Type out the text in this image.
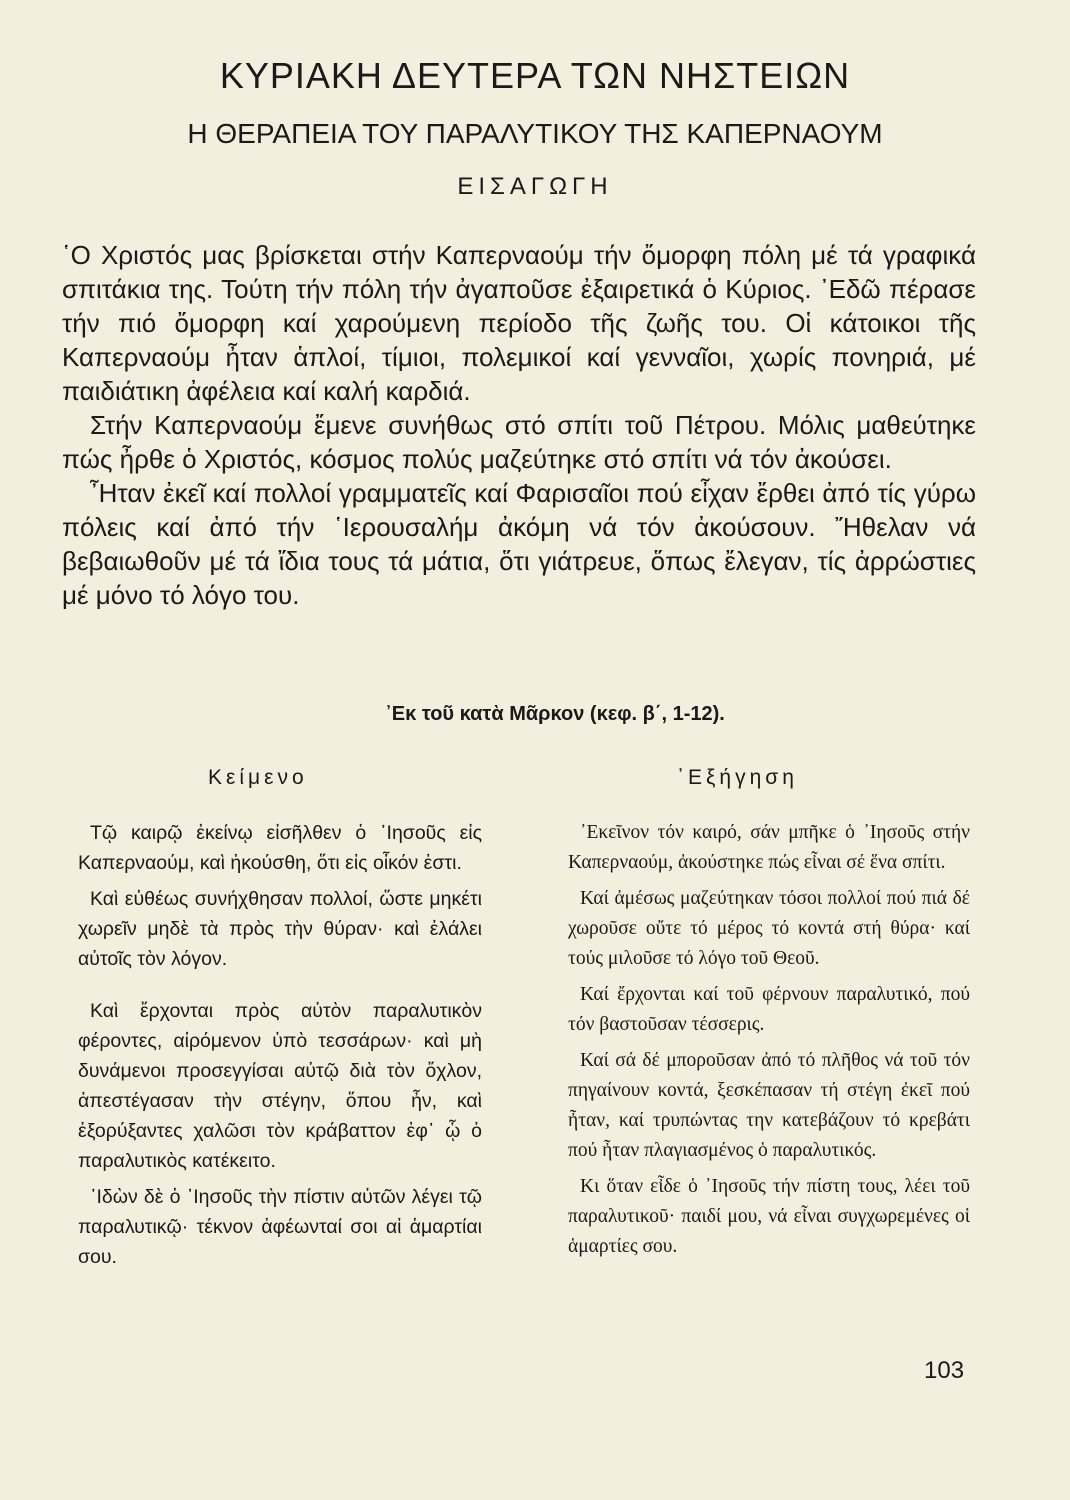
ΚΥΡΙΑΚΗ ΔΕΥΤΕΡΑ ΤΩΝ ΝΗΣΤΕΙΩΝ
Η ΘΕΡΑΠΕΙΑ ΤΟΥ ΠΑΡΑΛΥΤΙΚΟΥ ΤΗΣ ΚΑΠΕΡΝΑΟΥΜ
ΕΙΣΑΓΩΓΗ

῾Ο Χριστός μας βρίσκεται στήν Καπερναούμ τήν ὄμορφη πόλη μέ τά γραφικά σπιτάκια της. Τούτη τήν πόλη τήν ἀγαποῦσε ἐξαιρετικά ὁ Κύριος. ᾿Εδῶ πέρασε τήν πιό ὄμορφη καί χαρούμενη περίοδο τῆς ζωῆς του. Οἱ κάτοικοι τῆς Καπερναούμ ἦταν ἁπλοί, τίμιοι, πολεμικοί καί γενναῖοι, χωρίς πονηριά, μέ παιδιάτικη ἀφέλεια καί καλή καρδιά.

Στήν Καπερναούμ ἔμενε συνήθως στό σπίτι τοῦ Πέτρου. Μόλις μαθεύτηκε πώς ἦρθε ὁ Χριστός, κόσμος πολύς μαζεύτηκε στό σπίτι νά τόν ἀκούσει.

῏Ηταν ἐκεῖ καί πολλοί γραμματεῖς καί Φαρισαῖοι πού εἶχαν ἔρθει ἀπό τίς γύρω πόλεις καί ἀπό τήν ῾Ιερουσαλήμ ἀκόμη νά τόν ἀκούσουν. Ἤθελαν νά βεβαιωθοῦν μέ τά ἴδια τους τά μάτια, ὅτι γιάτρευε, ὅπως ἔλεγαν, τίς ἀρρώστιες μέ μόνο τό λόγο του.

᾿Εκ τοῦ κατὰ Μᾶρκον (κεφ. β΄, 1-12).
Κείμενο	᾿Εξήγηση

Τῷ καιρῷ ἐκείνῳ εἰσῆλθεν ὁ ᾿Ιησοῦς εἰς Καπερναούμ, καὶ ἠκούσθη, ὅτι εἰς οἶκόν ἐστι.

Καὶ εὐθέως συνήχθησαν πολλοί, ὥστε μηκέτι χωρεῖν μηδὲ τὰ πρὸς τὴν θύραν· καὶ ἐλάλει αὐτοῖς τὸν λόγον.

Καὶ ἔρχονται πρὸς αὐτὸν παραλυτικὸν φέροντες, αἰρόμενον ὑπὸ τεσσάρων· καὶ μὴ δυνάμενοι προσεγγίσαι αὐτῷ διὰ τὸν ὄχλον, ἀπεστέγασαν τὴν στέγην, ὅπου ἦν, καὶ ἐξορύξαντες χαλῶσι τὸν κράβαττον ἐφ᾿ ᾧ ὁ παραλυτικὸς κατέκειτο.

᾿Ιδὼν δὲ ὁ ᾿Ιησοῦς τὴν πίστιν αὐτῶν λέγει τῷ παραλυτικῷ· τέκνον ἀφέωνταί σοι αἱ ἁμαρτίαι σου.

᾿Εκεῖνον τόν καιρό, σάν μπῆκε ὁ ᾿Ιησοῦς στήν Καπερναούμ, ἀκούστηκε πώς εἶναι σέ ἕνα σπίτι.

Καί ἀμέσως μαζεύτηκαν τόσοι πολλοί πού πιά δέ χωροῦσε οὔτε τό μέρος τό κοντά στή θύρα· καί τούς μιλοῦσε τό λόγο τοῦ Θεοῦ.

Καί ἔρχονται καί τοῦ φέρνουν παραλυτικό, πού τόν βαστοῦσαν τέσσερις.

Καί σά δέ μποροῦσαν ἀπό τό πλῆθος νά τοῦ τόν πηγαίνουν κοντά, ξεσκέπασαν τή στέγη ἐκεῖ πού ἦταν, καί τρυπώντας την κατεβάζουν τό κρεβάτι πού ἦταν πλαγιασμένος ὁ παραλυτικός.

Κι ὅταν εἶδε ὁ ᾿Ιησοῦς τήν πίστη τους, λέει τοῦ παραλυτικοῦ· παιδί μου, νά εἶναι συγχωρεμένες οἱ ἁμαρτίες σου.

103
